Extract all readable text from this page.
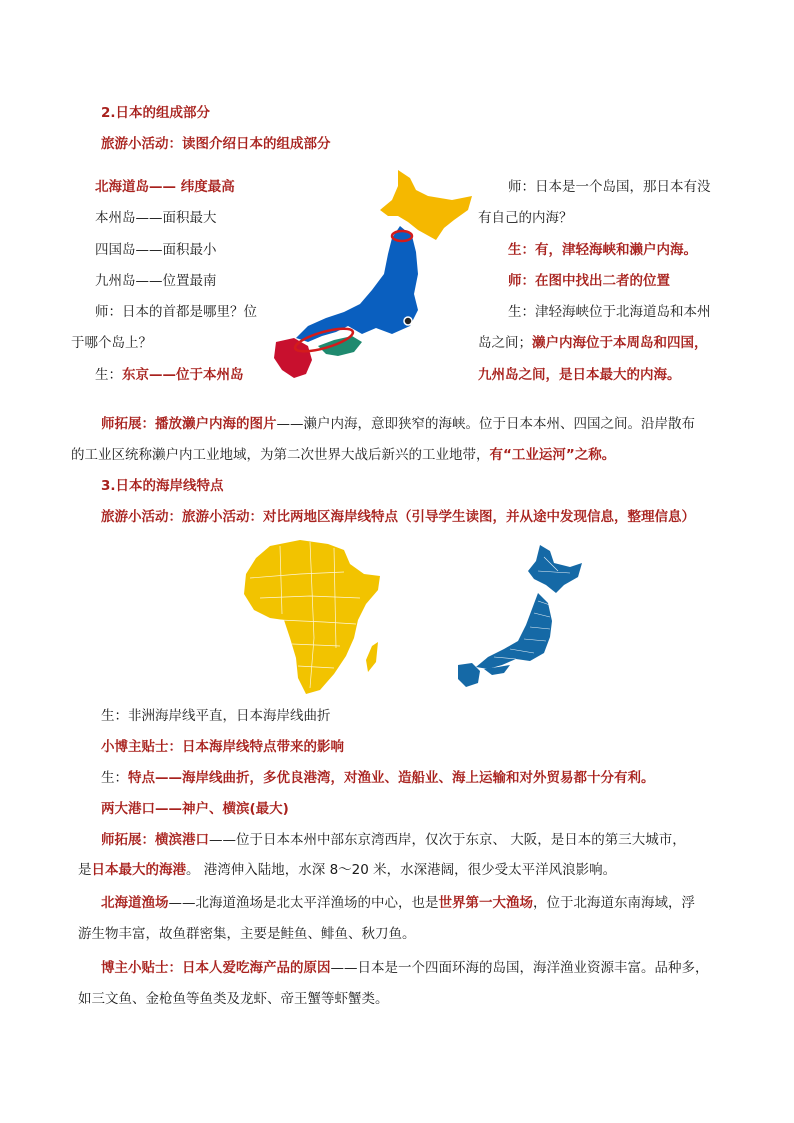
2.日本的组成部分
旅游小活动：读图介绍日本的组成部分
北海道岛—— 纬度最高
本州岛——面积最大
四国岛——面积最小
九州岛——位置最南
师：日本的首都是哪里？位
于哪个岛上？
生：东京——位于本州岛
师：日本是一个岛国，那日本有没
有自己的内海？
生：有，津轻海峡和濑户内海。
师：在图中找出二者的位置
生：津轻海峡位于北海道岛和本州
岛之间；濑户内海位于本周岛和四国，
九州岛之间，是日本最大的内海。
师拓展：播放濑户内海的图片——濑户内海，意即狭窄的海峡。位于日本本州、四国之间。沿岸散布
的工业区统称濑户内工业地域，为第二次世界大战后新兴的工业地带，有“工业运河”之称。
3.日本的海岸线特点
旅游小活动：旅游小活动：对比两地区海岸线特点（引导学生读图，并从途中发现信息，整理信息）
生：非洲海岸线平直，日本海岸线曲折
小博主贴士：日本海岸线特点带来的影响
生：特点——海岸线曲折，多优良港湾，对渔业、造船业、海上运输和对外贸易都十分有利。
两大港口——神户、横滨(最大)
师拓展：横滨港口——位于日本本州中部东京湾西岸，仅次于东京、 大阪，是日本的第三大城市，
是日本最大的海港。 港湾伸入陆地，水深 8～20 米，水深港阔，很少受太平洋风浪影响。
北海道渔场——北海道渔场是北太平洋渔场的中心，也是世界第一大渔场，位于北海道东南海域，浮
游生物丰富，故鱼群密集，主要是鲑鱼、鲱鱼、秋刀鱼。
博主小贴士：日本人爱吃海产品的原因——日本是一个四面环海的岛国，海洋渔业资源丰富。品种多，
如三文鱼、金枪鱼等鱼类及龙虾、帝王蟹等虾蟹类。
